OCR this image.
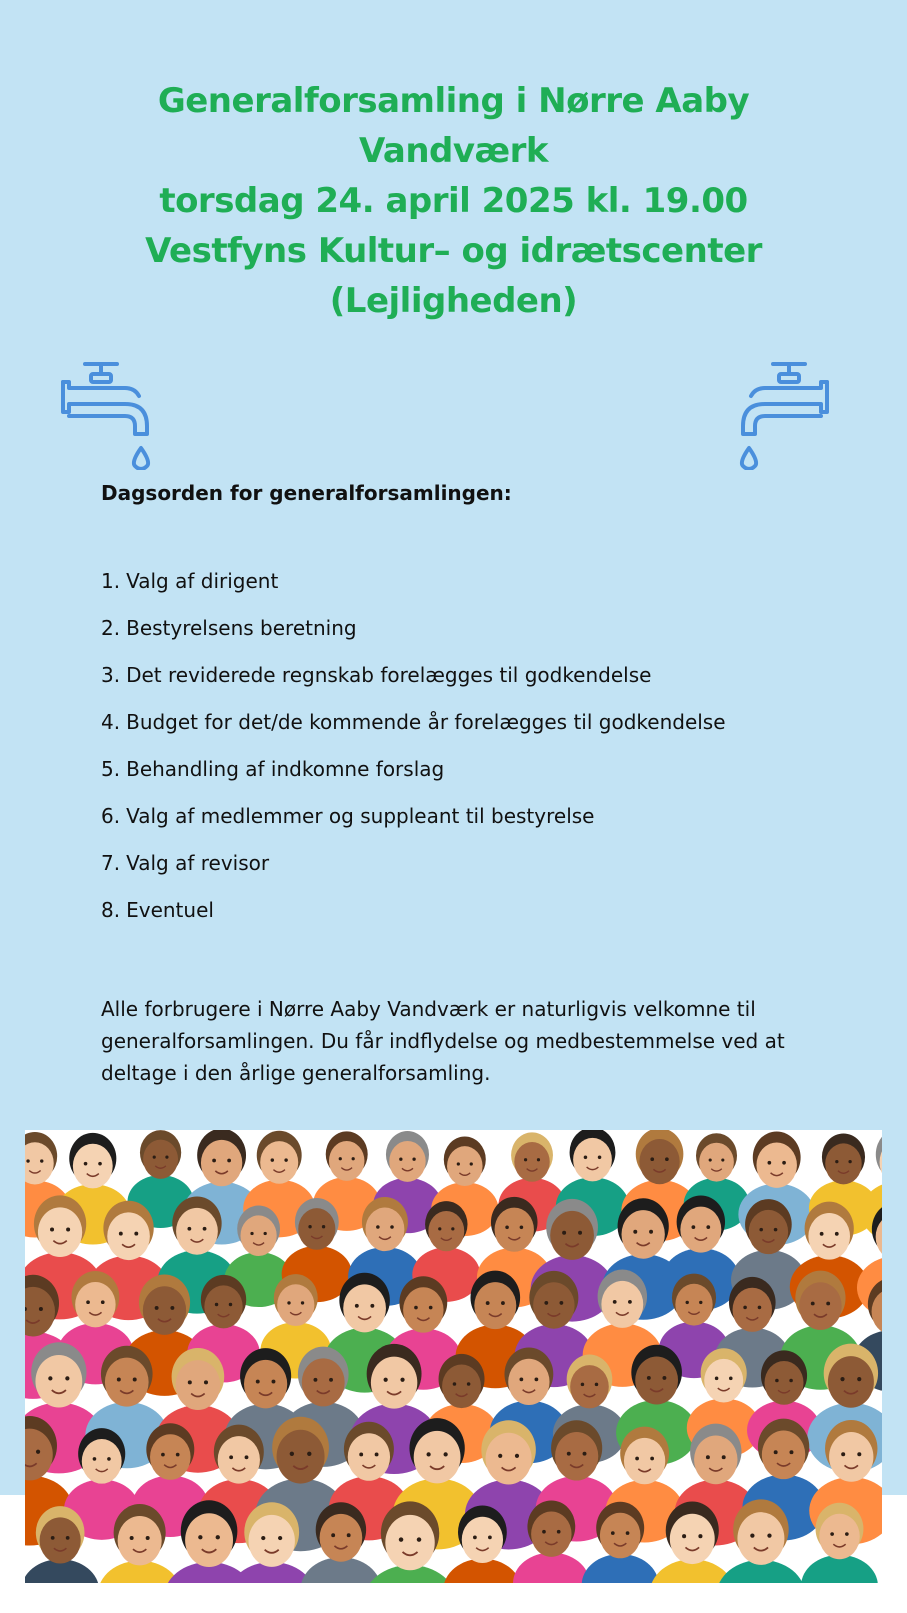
Generalforsamling i Nørre Aaby
Vandværk
torsdag 24. april 2025 kl. 19.00
Vestfyns Kultur– og idrætscenter
(Lejligheden)

Dagsorden for generalforsamlingen:

1. Valg af dirigent
2. Bestyrelsens beretning
3. Det reviderede regnskab forelægges til godkendelse
4. Budget for det/de kommende år forelægges til godkendelse
5. Behandling af indkomne forslag
6. Valg af medlemmer og suppleant til bestyrelse
7. Valg af revisor
8. Eventuel

Alle forbrugere i Nørre Aaby Vandværk er naturligvis velkomne til generalforsamlingen. Du får indflydelse og medbestemmelse ved at deltage i den årlige generalforsamling.
